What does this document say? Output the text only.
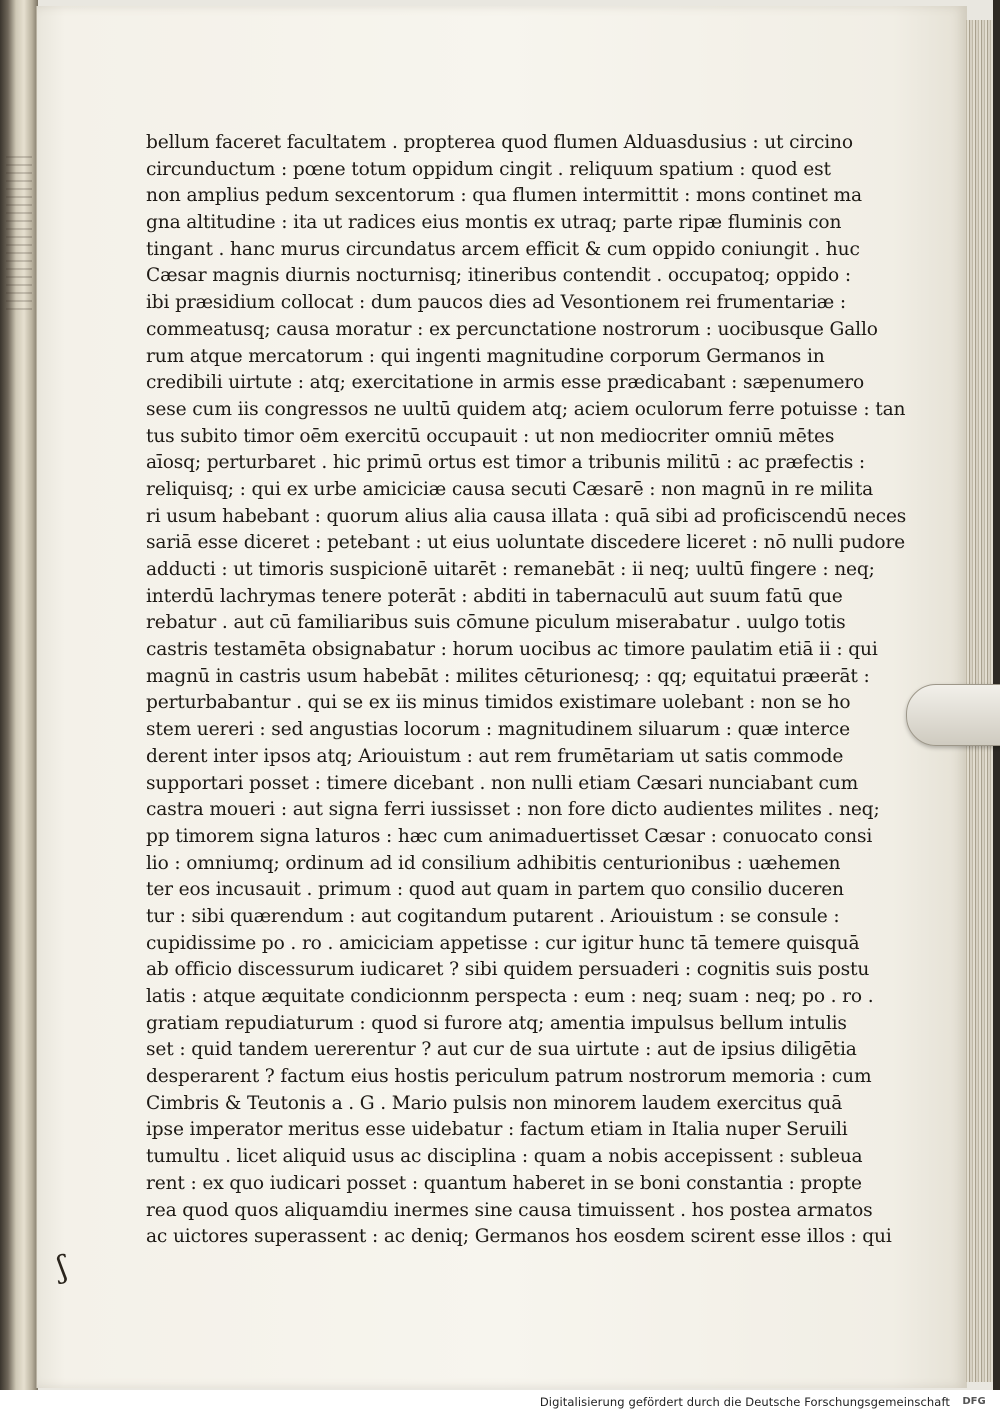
bellum faceret facultatem . propterea quod flumen Alduasdusius : ut circino
circunductum : pœne totum oppidum cingit . reliquum spatium : quod est
non amplius pedum sexcentorum : qua flumen intermittit : mons continet ma
gna altitudine : ita ut radices eius montis ex utraq; parte ripæ fluminis con
tingant . hanc murus circundatus arcem efficit & cum oppido coniungit . huc
Cæsar magnis diurnis nocturnisq; itineribus contendit . occupatoq; oppido :
ibi præsidium collocat : dum paucos dies ad Vesontionem rei frumentariæ :
commeatusq; causa moratur : ex percunctatione nostrorum : uocibusque Gallo
rum atque mercatorum : qui ingenti magnitudine corporum Germanos in
credibili uirtute : atq; exercitatione in armis esse prædicabant : sæpenumero
sese cum iis congressos ne uultū quidem atq; aciem oculorum ferre potuisse : tan
tus subito timor oēm exercitū occupauit : ut non mediocriter omniū mētes
aīosq; perturbaret . hic primū ortus est timor a tribunis militū : ac præfectis :
reliquisq; : qui ex urbe amiciciæ causa secuti Cæsarē : non magnū in re milita
ri usum habebant : quorum alius alia causa illata : quā sibi ad proficiscendū neces
sariā esse diceret : petebant : ut eius uoluntate discedere liceret : nō nulli pudore
adducti : ut timoris suspicionē uitarēt : remanebāt : ii neq; uultū fingere : neq;
interdū lachrymas tenere poterāt : abditi in tabernaculū aut suum fatū que
rebatur . aut cū familiaribus suis cōmune piculum miserabatur . uulgo totis
castris testamēta obsignabatur : horum uocibus ac timore paulatim etiā ii : qui
magnū in castris usum habebāt : milites cēturionesq; : qq; equitatui præerāt :
perturbabantur . qui se ex iis minus timidos existimare uolebant : non se ho
stem uereri : sed angustias locorum : magnitudinem siluarum : quæ interce
derent inter ipsos atq; Ariouistum : aut rem frumētariam ut satis commode
supportari posset : timere dicebant . non nulli etiam Cæsari nunciabant cum
castra moueri : aut signa ferri iussisset : non fore dicto audientes milites . neq;
pp timorem signa laturos : hæc cum animaduertisset Cæsar : conuocato consi
lio : omniumq; ordinum ad id consilium adhibitis centurionibus : uæhemen
ter eos incusauit . primum : quod aut quam in partem quo consilio duceren
tur : sibi quærendum : aut cogitandum putarent . Ariouistum : se consule :
cupidissime po . ro . amiciciam appetisse : cur igitur hunc tā temere quisquā
ab officio discessurum iudicaret ? sibi quidem persuaderi : cognitis suis postu
latis : atque æquitate condicionnm perspecta : eum : neq; suam : neq; po . ro .
gratiam repudiaturum : quod si furore atq; amentia impulsus bellum intulis
set : quid tandem uererentur ? aut cur de sua uirtute : aut de ipsius diligētia
desperarent ? factum eius hostis periculum patrum nostrorum memoria : cum
Cimbris & Teutonis a . G . Mario pulsis non minorem laudem exercitus quā
ipse imperator meritus esse uidebatur : factum etiam in Italia nuper Seruili
tumultu . licet aliquid usus ac disciplina : quam a nobis accepissent : subleua
rent : ex quo iudicari posset : quantum haberet in se boni constantia : propte
rea quod quos aliquamdiu inermes sine causa timuissent . hos postea armatos
ac uictores superassent : ac deniq; Germanos hos eosdem scirent esse illos : qui
ʃ
Digitalisierung gefördert durch die Deutsche Forschungsgemeinschaft	DFG
